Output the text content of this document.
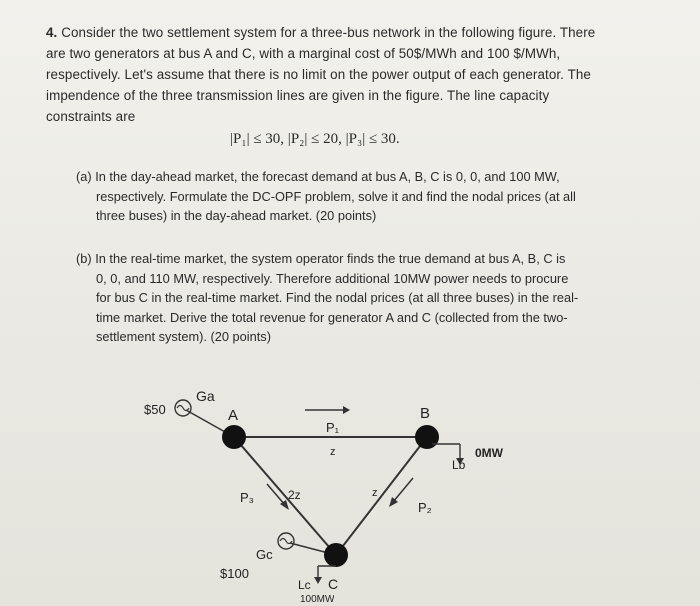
4. Consider the two settlement system for a three-bus network in the following figure. There
are two generators at bus A and C, with a marginal cost of 50$/MWh and 100 $/MWh,
respectively. Let's assume that there is no limit on the power output of each generator. The
impendence of the three transmission lines are given in the figure. The line capacity
constraints are
|P₁| ≤ 30, |P₂| ≤ 20, |P₃| ≤ 30.
(a) In the day-ahead market, the forecast demand at bus A, B, C is 0, 0, and 100 MW,
respectively. Formulate the DC-OPF problem, solve it and find the nodal prices (at all
three buses) in the day-ahead market. (20 points)
(b) In the real-time market, the system operator finds the true demand at bus A, B, C is
0, 0, and 110 MW, respectively. Therefore additional 10MW power needs to procure
for bus C in the real-time market. Find the nodal prices (at all three buses) in the real-
time market. Derive the total revenue for generator A and C (collected from the two-
settlement system). (20 points)
Ga
$50	A	B
P₁
z
z
2z
P₃
P₂
0MW
Lb
Gc
$100
Lc C
100MW
